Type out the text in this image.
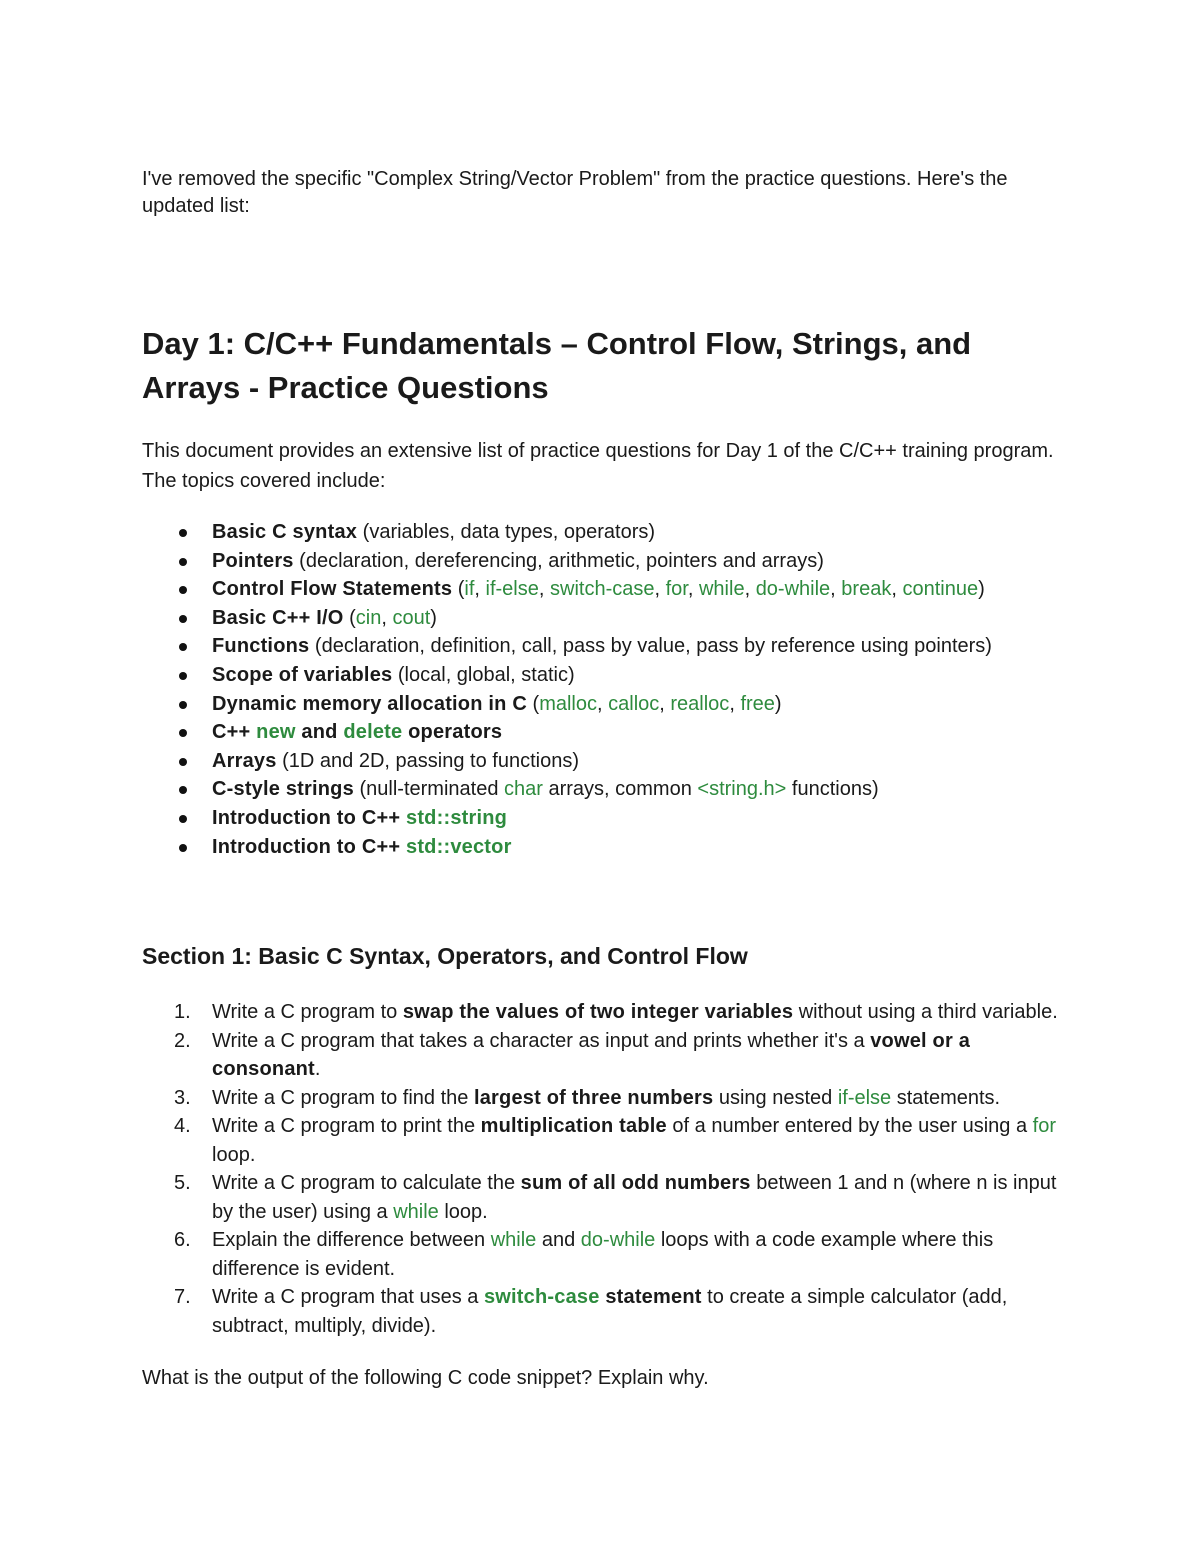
I've removed the specific "Complex String/Vector Problem" from the practice questions. Here's the updated list:

Day 1: C/C++ Fundamentals – Control Flow, Strings, and Arrays - Practice Questions

This document provides an extensive list of practice questions for Day 1 of the C/C++ training program. The topics covered include:

Basic C syntax (variables, data types, operators)
Pointers (declaration, dereferencing, arithmetic, pointers and arrays)
Control Flow Statements (if, if-else, switch-case, for, while, do-while, break, continue)
Basic C++ I/O (cin, cout)
Functions (declaration, definition, call, pass by value, pass by reference using pointers)
Scope of variables (local, global, static)
Dynamic memory allocation in C (malloc, calloc, realloc, free)
C++ new and delete operators
Arrays (1D and 2D, passing to functions)
C-style strings (null-terminated char arrays, common <string.h> functions)
Introduction to C++ std::string
Introduction to C++ std::vector
Section 1: Basic C Syntax, Operators, and Control Flow
1. Write a C program to swap the values of two integer variables without using a third variable.
2. Write a C program that takes a character as input and prints whether it's a vowel or a consonant.
3. Write a C program to find the largest of three numbers using nested if-else statements.
4. Write a C program to print the multiplication table of a number entered by the user using a for loop.
5. Write a C program to calculate the sum of all odd numbers between 1 and n (where n is input by the user) using a while loop.
6. Explain the difference between while and do-while loops with a code example where this difference is evident.
7. Write a C program that uses a switch-case statement to create a simple calculator (add, subtract, multiply, divide).

What is the output of the following C code snippet? Explain why.
